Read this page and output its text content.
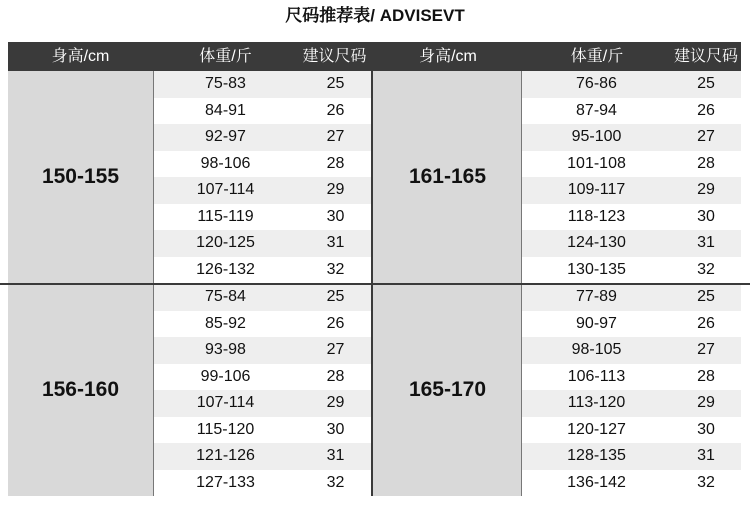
尺码推荐表/ ADVISEVT
身高/cm	体重/斤	建议尺码	身高/cm	体重/斤	建议尺码
150-155
75-83	25
84-91	26
92-97	27
98-106	28
107-114	29
115-119	30
120-125	31
126-132	32
161-165
76-86	25
87-94	26
95-100	27
101-108	28
109-117	29
118-123	30
124-130	31
130-135	32
156-160
75-84	25
85-92	26
93-98	27
99-106	28
107-114	29
115-120	30
121-126	31
127-133	32
165-170
77-89	25
90-97	26
98-105	27
106-113	28
113-120	29
120-127	30
128-135	31
136-142	32
